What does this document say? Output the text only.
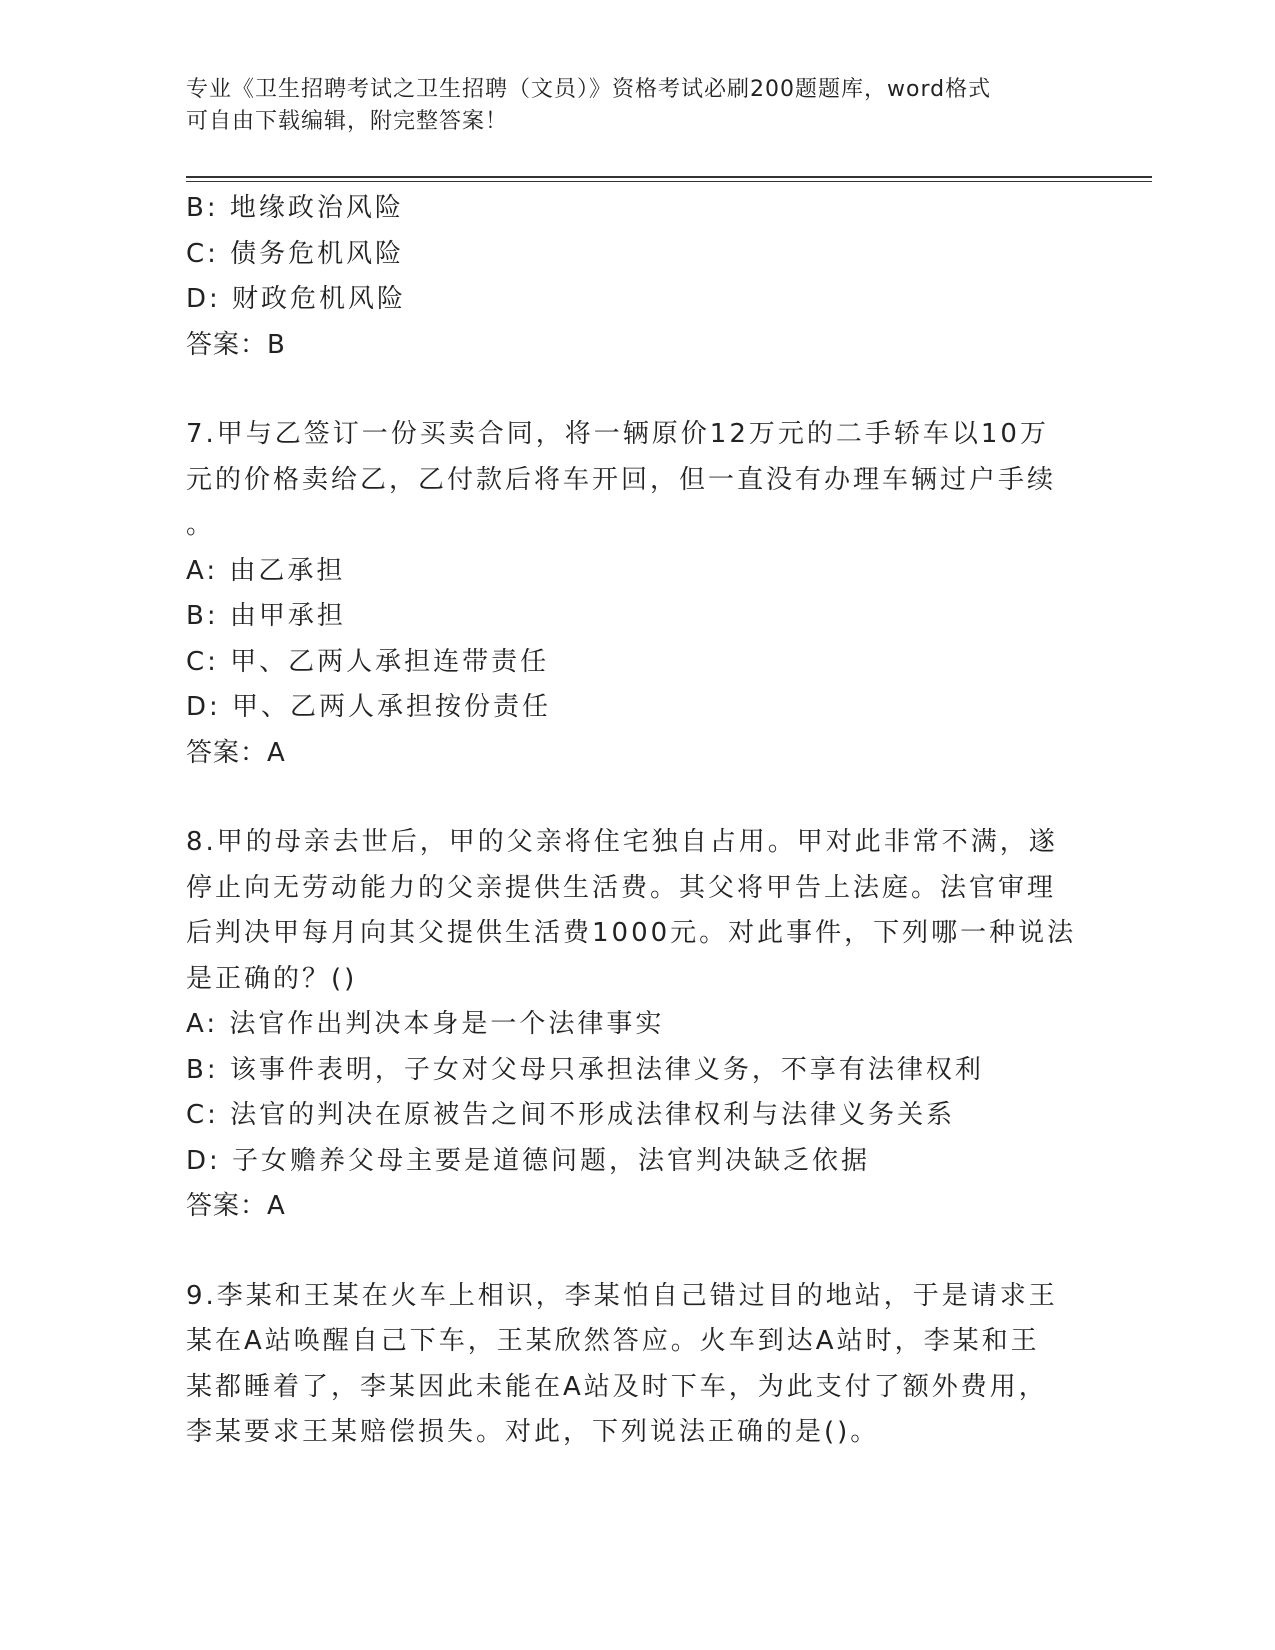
专业《卫生招聘考试之卫生招聘（文员）》资格考试必刷200题题库，word格式
可自由下载编辑，附完整答案！
B: 地缘政治风险
C: 债务危机风险
D: 财政危机风险
答案：B
7.甲与乙签订一份买卖合同，将一辆原价12万元的二手轿车以10万
元的价格卖给乙，乙付款后将车开回，但一直没有办理车辆过户手续
。
A: 由乙承担
B: 由甲承担
C: 甲、乙两人承担连带责任
D: 甲、乙两人承担按份责任
答案：A
8.甲的母亲去世后，甲的父亲将住宅独自占用。甲对此非常不满，遂
停止向无劳动能力的父亲提供生活费。其父将甲告上法庭。法官审理
后判决甲每月向其父提供生活费1000元。对此事件，下列哪一种说法
是正确的？()
A: 法官作出判决本身是一个法律事实
B: 该事件表明，子女对父母只承担法律义务，不享有法律权利
C: 法官的判决在原被告之间不形成法律权利与法律义务关系
D: 子女赡养父母主要是道德问题，法官判决缺乏依据
答案：A
9.李某和王某在火车上相识，李某怕自己错过目的地站，于是请求王
某在A站唤醒自己下车，王某欣然答应。火车到达A站时，李某和王
某都睡着了，李某因此未能在A站及时下车，为此支付了额外费用，
李某要求王某赔偿损失。对此，下列说法正确的是()。
